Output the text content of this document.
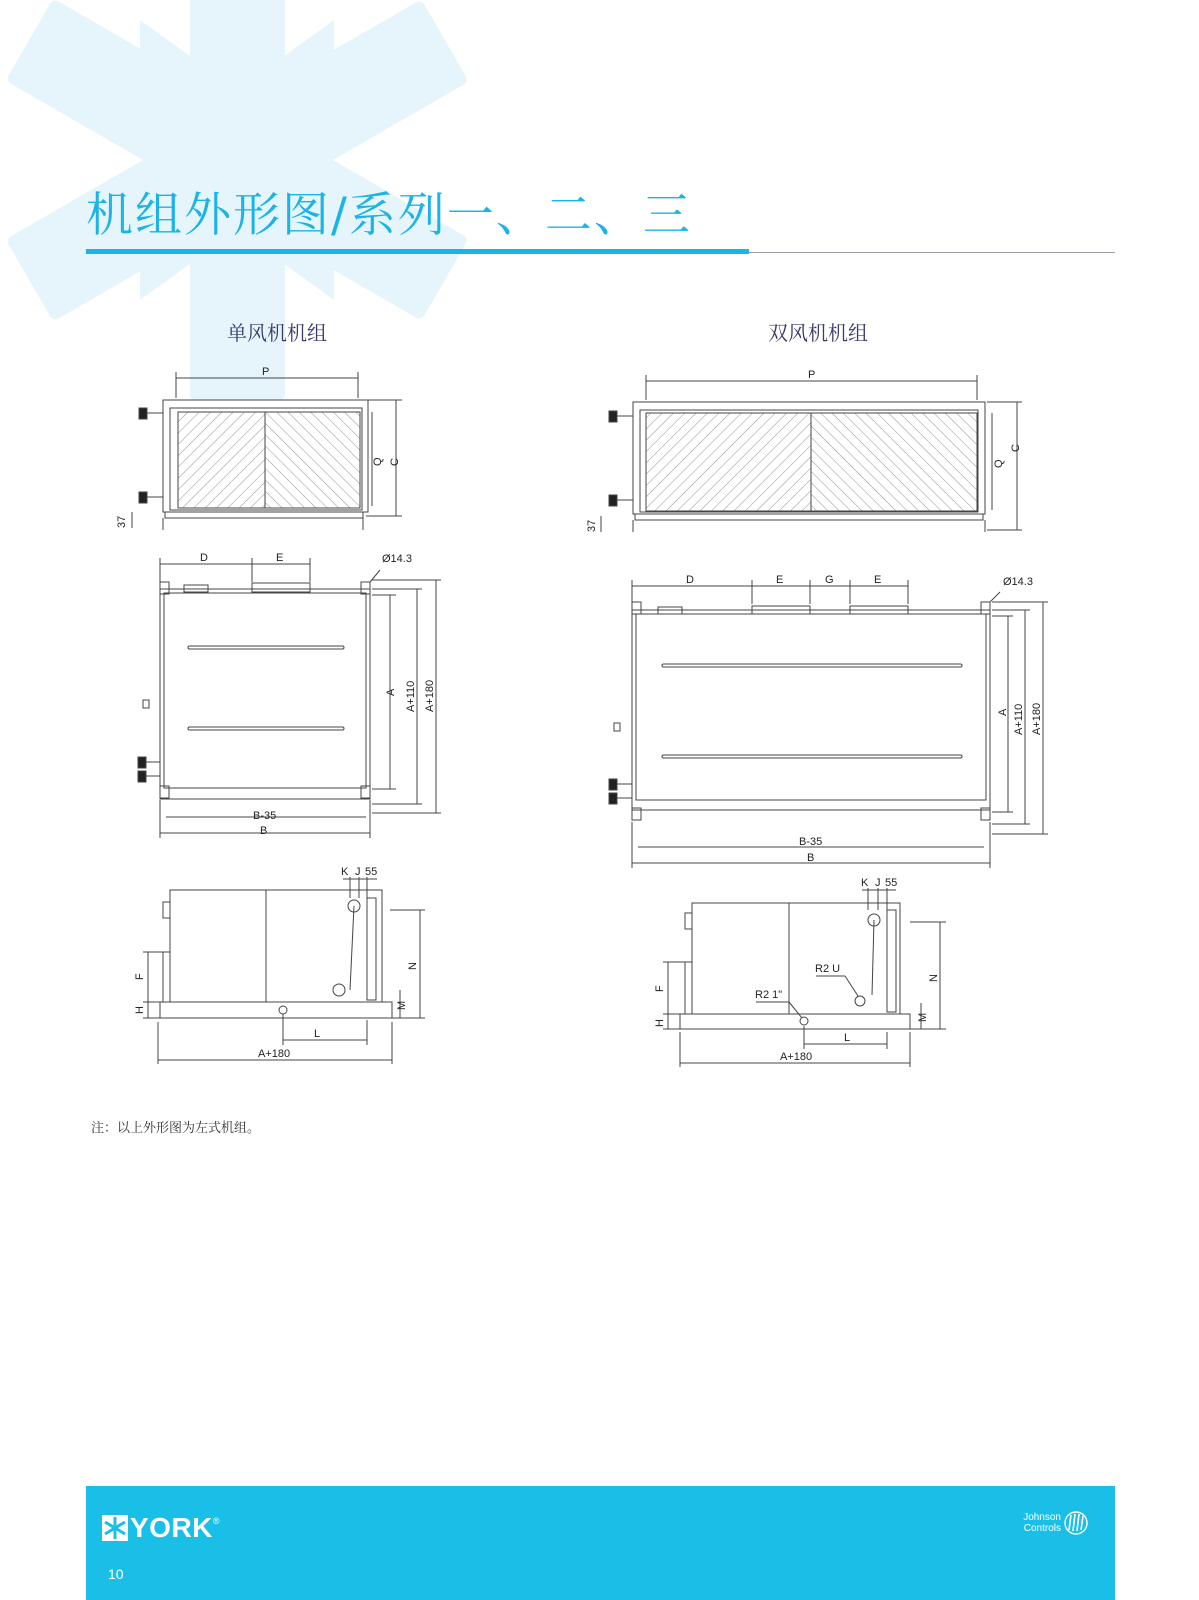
机组外形图/系列一、二、三
单风机机组	双风机机组
P
Q C
37
D	E	Ø14.3
A A+110 A+180
B-35
B
K J 55
F
H
N
M
L
A+180
P
Q
C
37
D	E	G	E	Ø14.3
A A+110 A+180
B-35
B
K J 55
R2 U
R2 1"
F
H
N
M
L
A+180
注：以上外形图为左式机组。
YORK ®
10
Johnson
Controls
